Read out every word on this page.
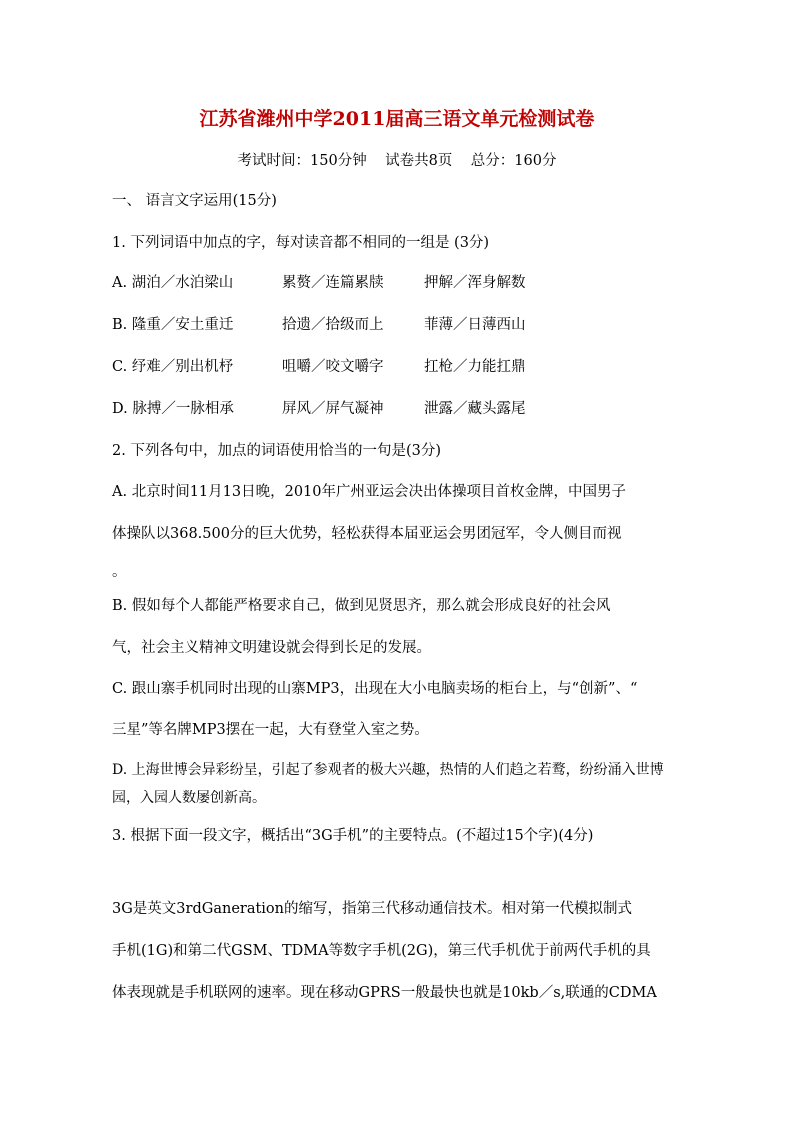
江苏省潍州中学2011届高三语文单元检测试卷
考试时间：150分钟    试卷共8页    总分：160分
一、 语言文字运用(15分)
1. 下列词语中加点的字，每对读音都不相同的一组是 (3分)
A. 湖泊／水泊梁山	累赘／连篇累牍	押解／浑身解数
B. 隆重／安土重迁	拾遗／拾级而上	菲薄／日薄西山
C. 纾难／别出机杼	咀嚼／咬文嚼字	扛枪／力能扛鼎
D. 脉搏／一脉相承	屏风／屏气凝神	泄露／藏头露尾
2. 下列各句中，加点的词语使用恰当的一句是(3分)
A. 北京时间11月13日晚，2010年广州亚运会决出体操项目首枚金牌，中国男子
体操队以368.500分的巨大优势，轻松获得本届亚运会男团冠军，令人侧目而视
。
B. 假如每个人都能严格要求自己，做到见贤思齐，那么就会形成良好的社会风
气，社会主义精神文明建设就会得到长足的发展。
C. 跟山寨手机同时出现的山寨MP3，出现在大小电脑卖场的柜台上，与“创新”、“
三星”等名牌MP3摆在一起，大有登堂入室之势。
D. 上海世博会异彩纷呈，引起了参观者的极大兴趣，热情的人们趋之若鹜，纷纷涌入世博
园，入园人数屡创新高。
3. 根据下面一段文字，概括出“3G手机”的主要特点。(不超过15个字)(4分)
3G是英文3rdGaneration的缩写，指第三代移动通信技术。相对第一代模拟制式
手机(1G)和第二代GSM、TDMA等数字手机(2G)，第三代手机优于前两代手机的具
体表现就是手机联网的速率。现在移动GPRS一般最快也就是10kb／s,联通的CDMA
